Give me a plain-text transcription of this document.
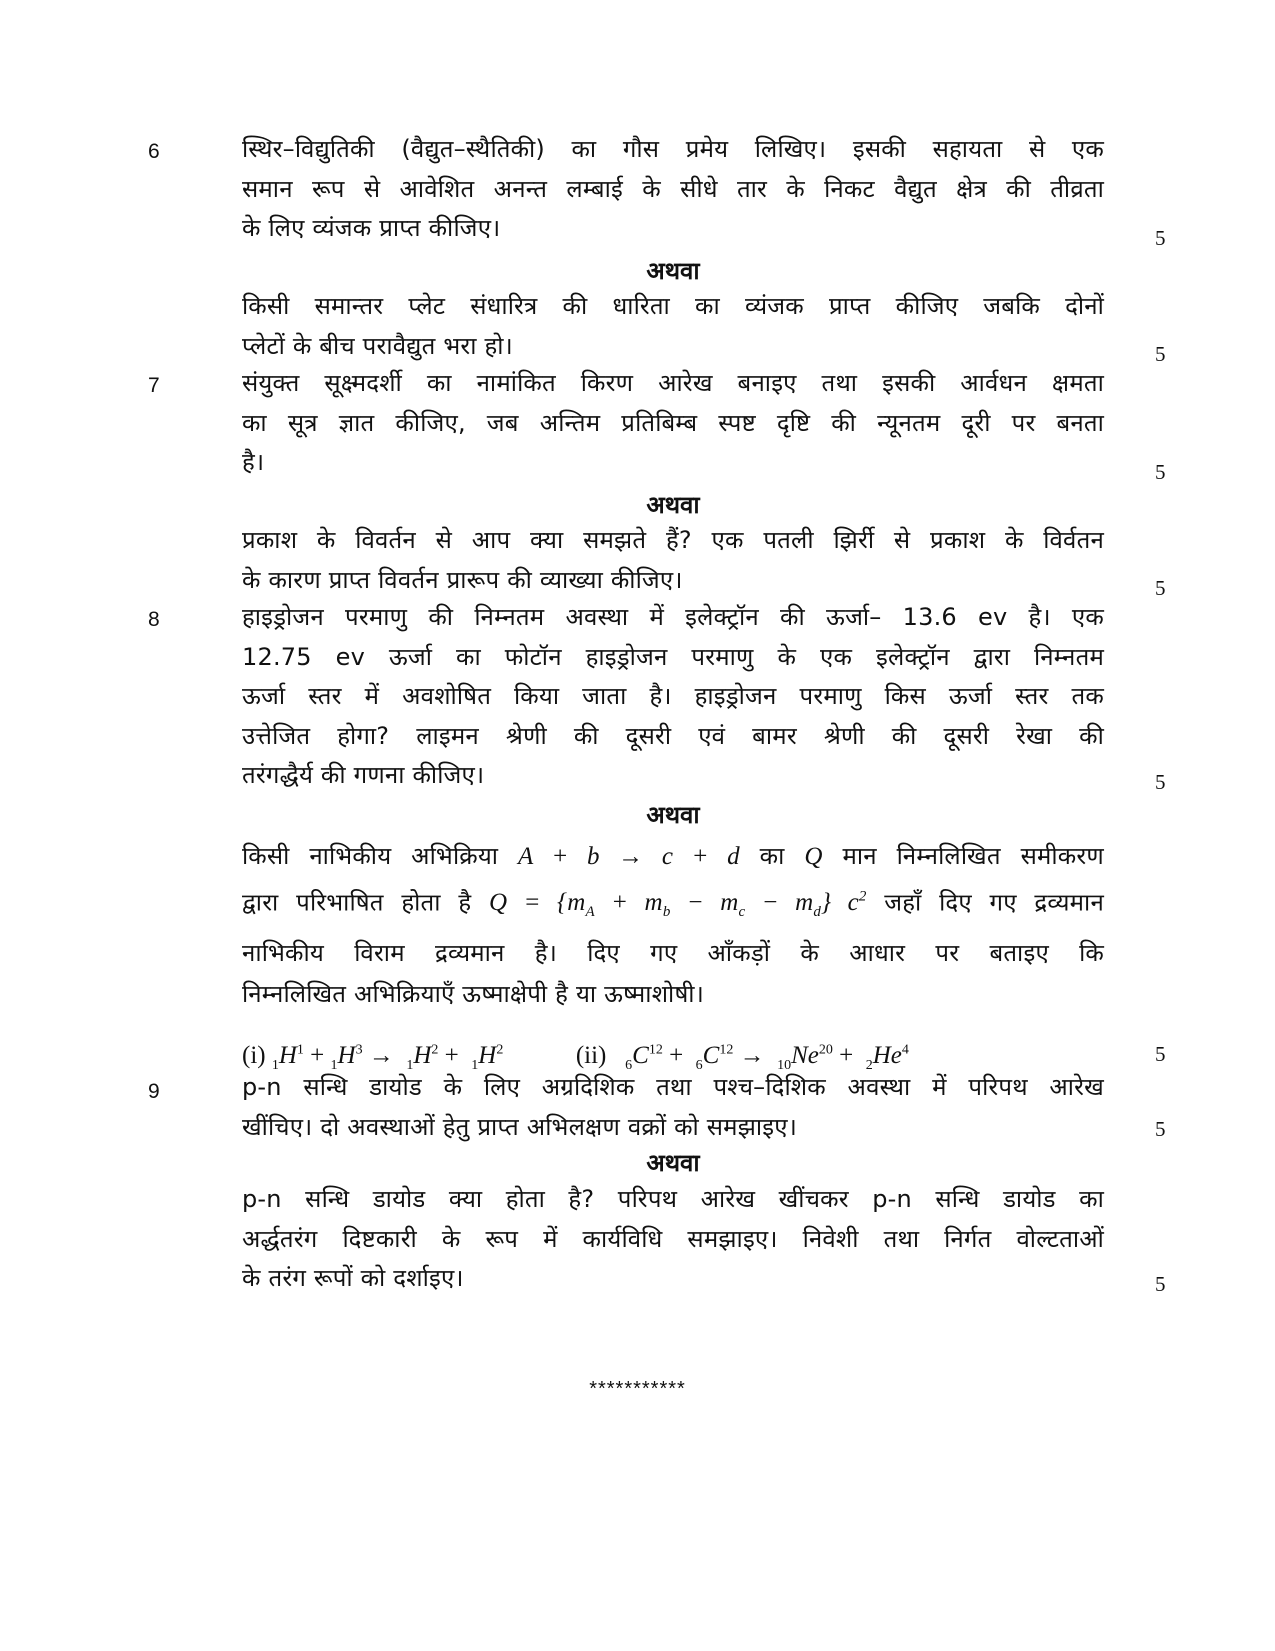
6	स्थिर–विद्युतिकी (वैद्युत–स्थैतिकी) का गौस प्रमेय लिखिए। इसकी सहायता से एक
समान रूप से आवेशित अनन्त लम्बाई के सीधे तार के निकट वैद्युत क्षेत्र की तीव्रता
के लिए व्यंजक प्राप्त कीजिए।	5
अथवा
किसी समान्तर प्लेट संधारित्र की धारिता का व्यंजक प्राप्त कीजिए जबकि दोनों
प्लेटों के बीच परावैद्युत भरा हो।	5
7	संयुक्त सूक्ष्मदर्शी का नामांकित किरण आरेख बनाइए तथा इसकी आर्वधन क्षमता
का सूत्र ज्ञात कीजिए, जब अन्तिम प्रतिबिम्ब स्पष्ट दृष्टि की न्यूनतम दूरी पर बनता
है।	5
अथवा
प्रकाश के विवर्तन से आप क्या समझते हैं? एक पतली झिर्री से प्रकाश के विर्वतन
के कारण प्राप्त विवर्तन प्रारूप की व्याख्या कीजिए।	5
8	हाइड्रोजन परमाणु की निम्नतम अवस्था में इलेक्ट्रॉन की ऊर्जा– 13.6 ev है। एक
12.75 ev ऊर्जा का फोटॉन हाइड्रोजन परमाणु के एक इलेक्ट्रॉन द्वारा निम्नतम
ऊर्जा स्तर में अवशोषित किया जाता है। हाइड्रोजन परमाणु किस ऊर्जा स्तर तक
उत्तेजित होगा? लाइमन श्रेणी की दूसरी एवं बामर श्रेणी की दूसरी रेखा की
तरंगद्धैर्य की गणना कीजिए।	5
अथवा
किसी नाभिकीय अभिक्रिया A + b → c + d का Q मान निम्नलिखित समीकरण
द्वारा परिभाषित होता है $Q = \{m_A + m_b - m_c - m_d\}$ $c^2$ जहाँ दिए गए द्रव्यमान
नाभिकीय विराम द्रव्यमान है। दिए गए आँकड़ों के आधार पर बताइए कि
निम्नलिखित अभिक्रियाएँ ऊष्माक्षेपी है या ऊष्माशोषी।
(i) $_1H^1 + _1H^3 \to _1H^2 + _1H^2$	(ii) $_6C^{12} + _6C^{12} \to _{10}Ne^{20} + _2He^4$	5
9	p-n सन्धि डायोड के लिए अग्रदिशिक तथा पश्च–दिशिक अवस्था में परिपथ आरेख
खींचिए। दो अवस्थाओं हेतु प्राप्त अभिलक्षण वक्रों को समझाइए।	5
अथवा
p-n सन्धि डायोड क्या होता है? परिपथ आरेख खींचकर p-n सन्धि डायोड का
अर्द्धतरंग दिष्टकारी के रूप में कार्यविधि समझाइए। निवेशी तथा निर्गत वोल्टताओं
के तरंग रूपों को दर्शाइए।	5
***********
